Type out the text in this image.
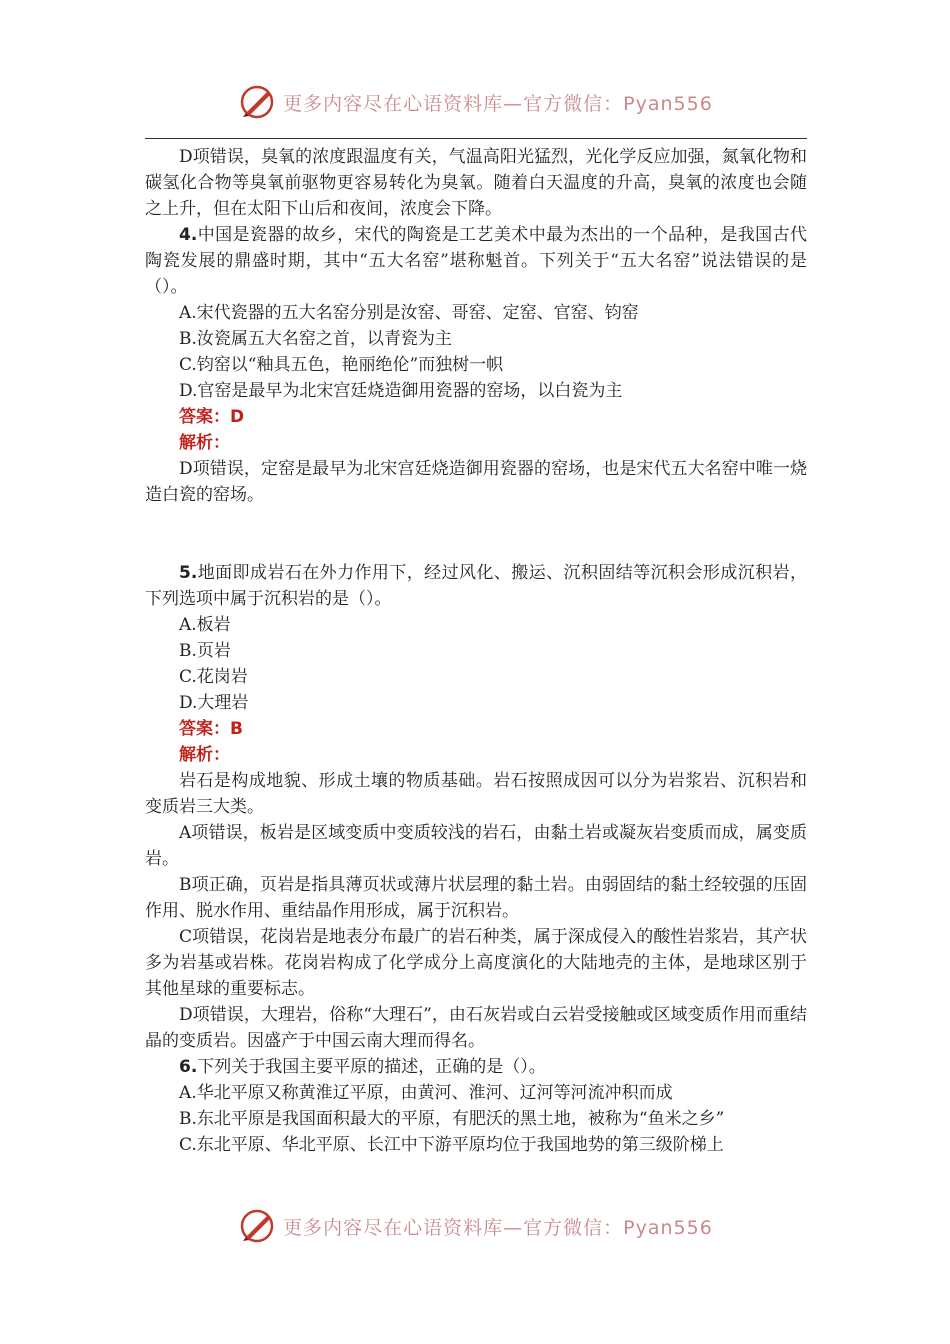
更多内容尽在心语资料库—官方微信：Pyan556

D项错误，臭氧的浓度跟温度有关，气温高阳光猛烈，光化学反应加强，氮氧化物和碳氢化合物等臭氧前驱物更容易转化为臭氧。随着白天温度的升高，臭氧的浓度也会随之上升，但在太阳下山后和夜间，浓度会下降。

4.中国是瓷器的故乡，宋代的陶瓷是工艺美术中最为杰出的一个品种，是我国古代陶瓷发展的鼎盛时期，其中“五大名窑”堪称魁首。下列关于“五大名窑”说法错误的是（）。

A.宋代瓷器的五大名窑分别是汝窑、哥窑、定窑、官窑、钧窑

B.汝瓷属五大名窑之首，以青瓷为主

C.钧窑以“釉具五色，艳丽绝伦”而独树一帜

D.官窑是最早为北宋宫廷烧造御用瓷器的窑场，以白瓷为主

答案：D

解析：

D项错误，定窑是最早为北宋宫廷烧造御用瓷器的窑场，也是宋代五大名窑中唯一烧造白瓷的窑场。

5.地面即成岩石在外力作用下，经过风化、搬运、沉积固结等沉积会形成沉积岩，下列选项中属于沉积岩的是（）。

A.板岩

B.页岩

C.花岗岩

D.大理岩

答案：B

解析：

岩石是构成地貌、形成土壤的物质基础。岩石按照成因可以分为岩浆岩、沉积岩和变质岩三大类。

A项错误，板岩是区域变质中变质较浅的岩石，由黏土岩或凝灰岩变质而成，属变质岩。

B项正确，页岩是指具薄页状或薄片状层理的黏土岩。由弱固结的黏土经较强的压固作用、脱水作用、重结晶作用形成，属于沉积岩。

C项错误，花岗岩是地表分布最广的岩石种类，属于深成侵入的酸性岩浆岩，其产状多为岩基或岩株。花岗岩构成了化学成分上高度演化的大陆地壳的主体，是地球区别于其他星球的重要标志。

D项错误，大理岩，俗称“大理石”，由石灰岩或白云岩受接触或区域变质作用而重结晶的变质岩。因盛产于中国云南大理而得名。

6.下列关于我国主要平原的描述，正确的是（）。

A.华北平原又称黄淮辽平原，由黄河、淮河、辽河等河流冲积而成

B.东北平原是我国面积最大的平原，有肥沃的黑土地，被称为“鱼米之乡”

C.东北平原、华北平原、长江中下游平原均位于我国地势的第三级阶梯上

更多内容尽在心语资料库—官方微信：Pyan556
